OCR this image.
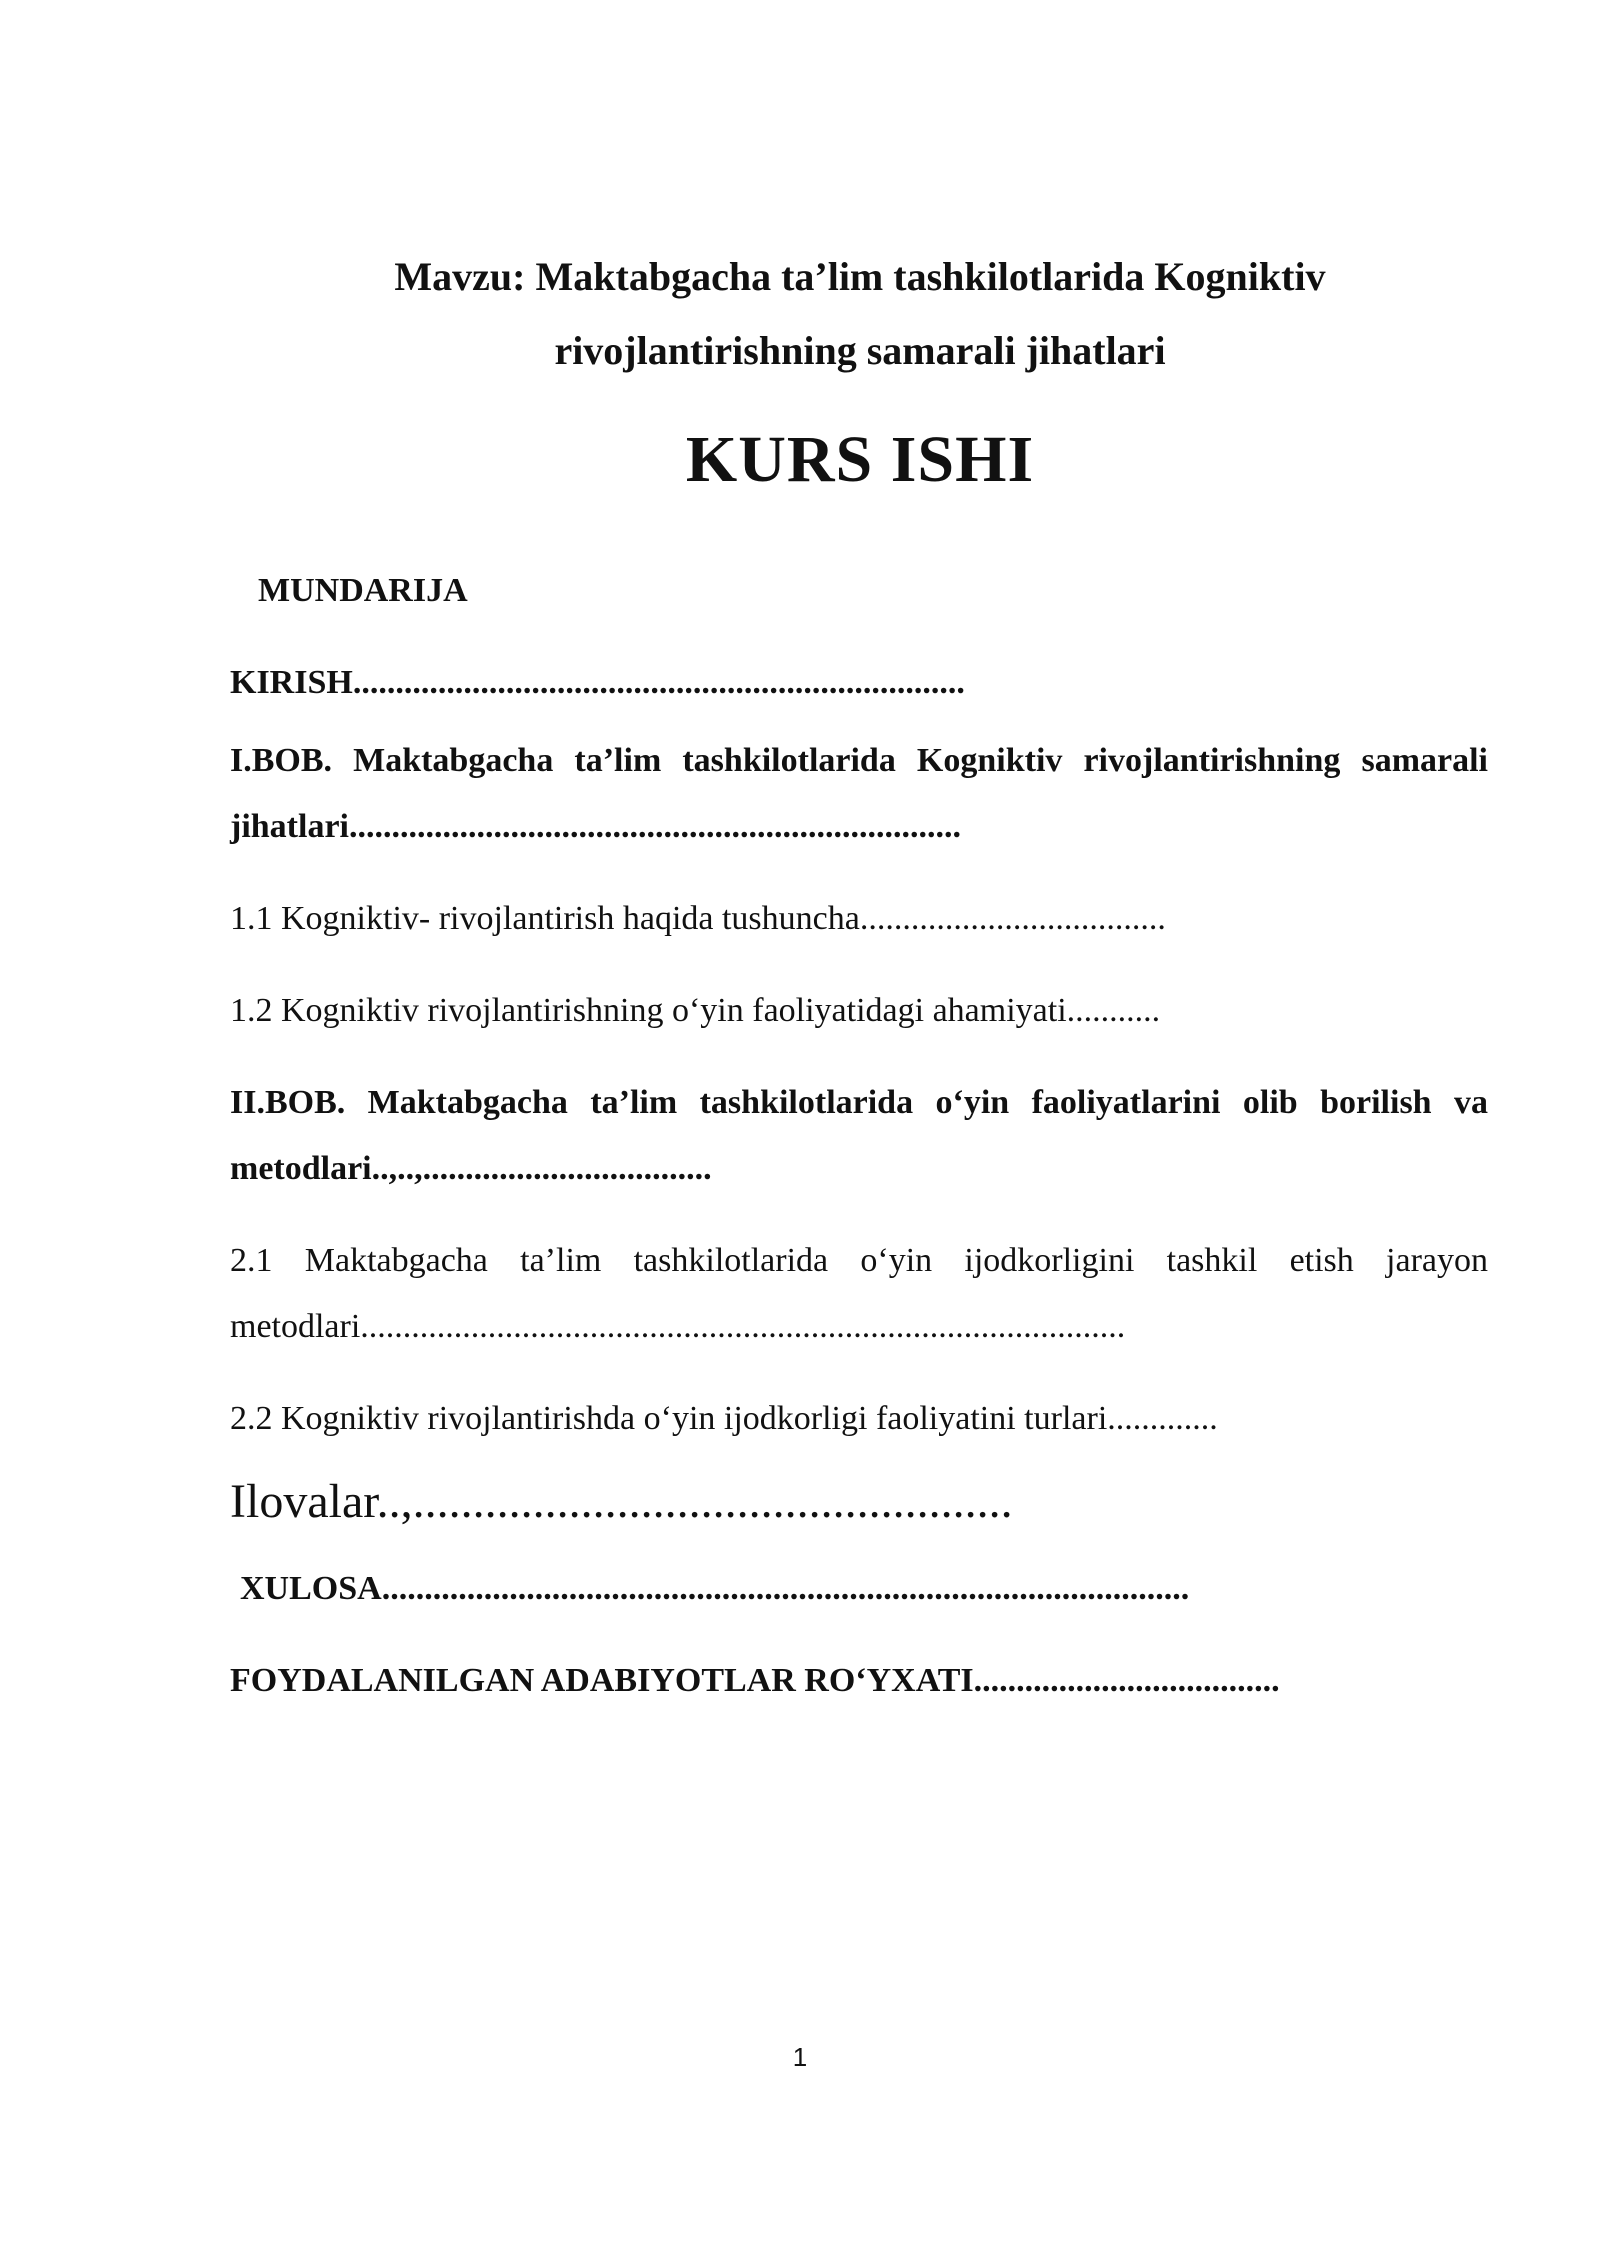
Mavzu: Maktabgacha ta’lim tashkilotlarida Kogniktiv
rivojlantirishning samarali jihatlari
KURS ISHI
MUNDARIJA
KIRISH........................................................................
I.BOB. Maktabgacha ta’lim tashkilotlarida Kogniktiv rivojlantirishning samarali jihatlari........................................................................
1.1 Kogniktiv- rivojlantirish haqida tushuncha....................................
1.2 Kogniktiv rivojlantirishning o‘yin faoliyatidagi ahamiyati...........
II.BOB. Maktabgacha ta’lim tashkilotlarida o‘yin faoliyatlarini olib borilish va metodlari..,..,..................................
2.1 Maktabgacha ta’lim tashkilotlarida o‘yin ijodkorligini tashkil etish jarayon metodlari..........................................................................................
2.2 Kogniktiv rivojlantirishda o‘yin ijodkorligi faoliyatini turlari.............
Ilovalar..,..................................................
XULOSA...............................................................................................
FOYDALANILGAN ADABIYOTLAR RO‘YXATI....................................
1
